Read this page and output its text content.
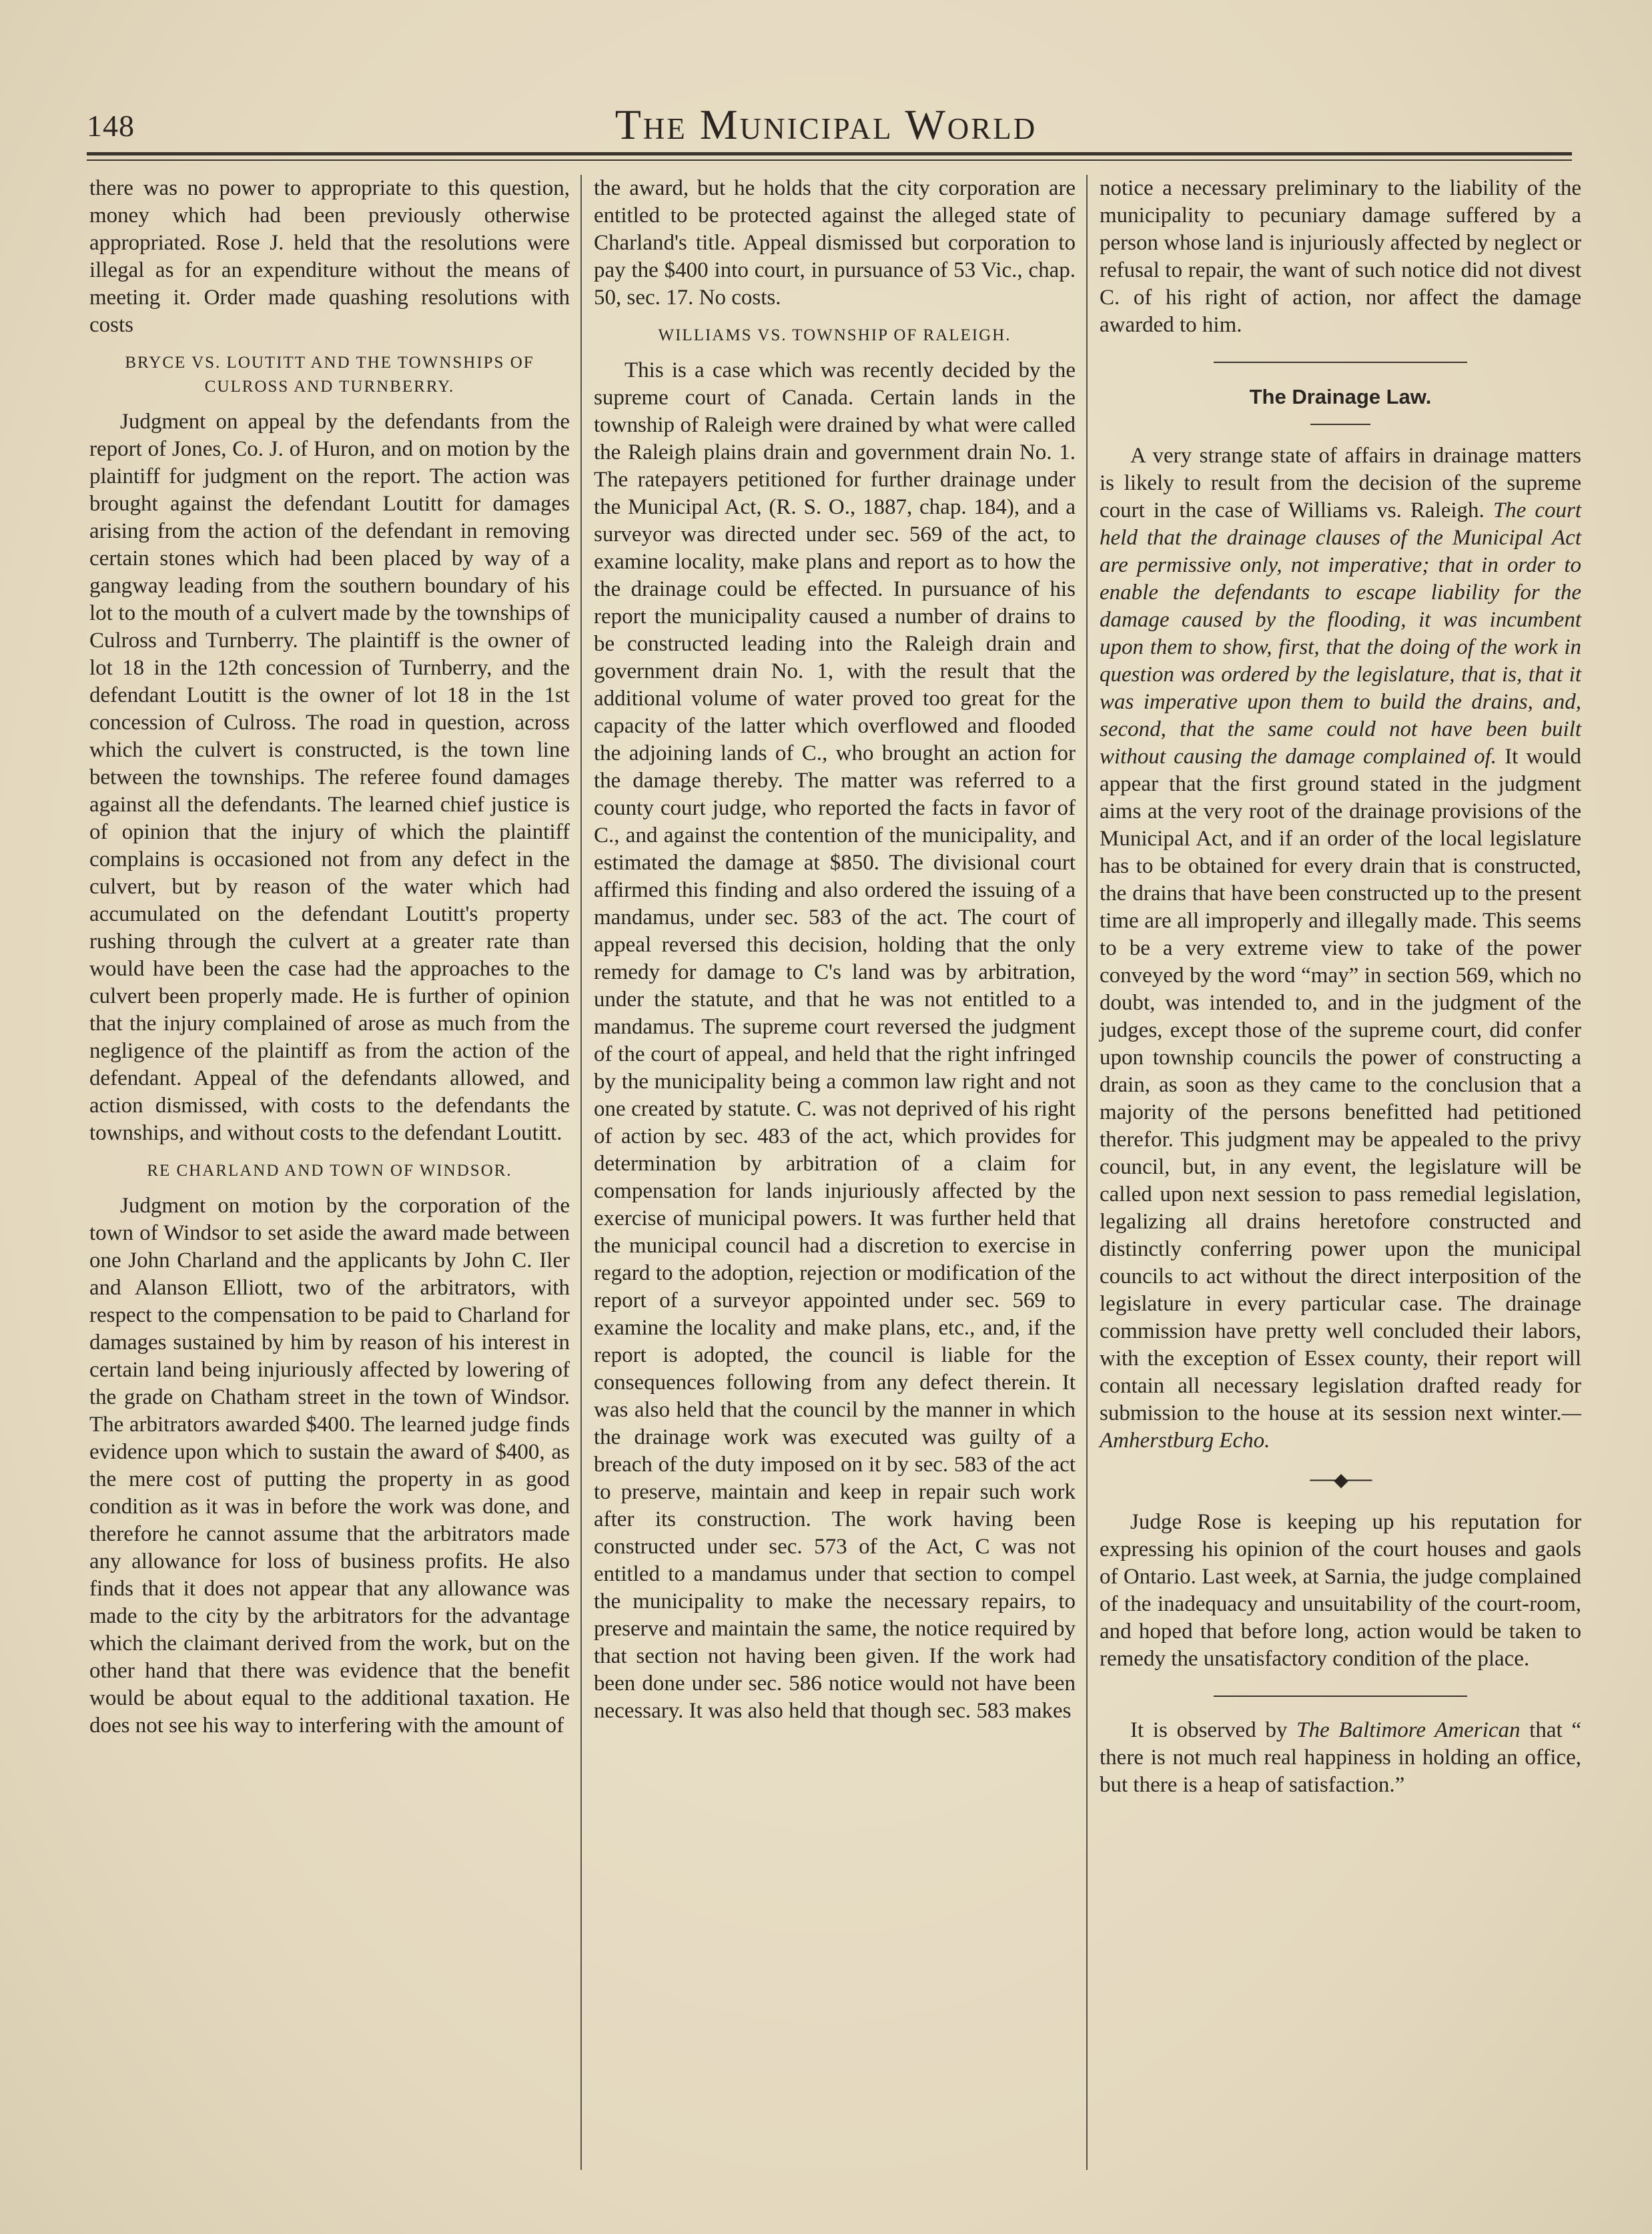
148	The Municipal World

there was no power to appropriate to this question, money which had been previously otherwise appropriated. Rose J. held that the resolutions were illegal as for an expenditure without the means of meeting it. Order made quashing resolutions with costs

BRYCE VS. LOUTITT AND THE TOWNSHIPS OF CULROSS AND TURNBERRY.

Judgment on appeal by the defendants from the report of Jones, Co. J. of Huron, and on motion by the plaintiff for judgment on the report. The action was brought against the defendant Loutitt for damages arising from the action of the defendant in removing certain stones which had been placed by way of a gangway leading from the southern boundary of his lot to the mouth of a culvert made by the townships of Culross and Turnberry. The plaintiff is the owner of lot 18 in the 12th concession of Turnberry, and the defendant Loutitt is the owner of lot 18 in the 1st concession of Culross. The road in question, across which the culvert is constructed, is the town line between the townships. The referee found damages against all the defendants. The learned chief justice is of opinion that the injury of which the plaintiff complains is occasioned not from any defect in the culvert, but by reason of the water which had accumulated on the defendant Loutitt's property rushing through the culvert at a greater rate than would have been the case had the approaches to the culvert been properly made. He is further of opinion that the injury complained of arose as much from the negligence of the plaintiff as from the action of the defendant. Appeal of the defendants allowed, and action dismissed, with costs to the defendants the townships, and without costs to the defendant Loutitt.

RE CHARLAND AND TOWN OF WINDSOR.

Judgment on motion by the corporation of the town of Windsor to set aside the award made between one John Charland and the applicants by John C. Iler and Alanson Elliott, two of the arbitrators, with respect to the compensation to be paid to Charland for damages sustained by him by reason of his interest in certain land being injuriously affected by lowering of the grade on Chatham street in the town of Windsor. The arbitrators awarded $400. The learned judge finds evidence upon which to sustain the award of $400, as the mere cost of putting the property in as good condition as it was in before the work was done, and therefore he cannot assume that the arbitrators made any allowance for loss of business profits. He also finds that it does not appear that any allowance was made to the city by the arbitrators for the advantage which the claimant derived from the work, but on the other hand that there was evidence that the benefit would be about equal to the additional taxation. He does not see his way to interfering with the amount of

the award, but he holds that the city corporation are entitled to be protected against the alleged state of Charland's title. Appeal dismissed but corporation to pay the $400 into court, in pursuance of 53 Vic., chap. 50, sec. 17. No costs.

WILLIAMS VS. TOWNSHIP OF RALEIGH.

This is a case which was recently decided by the supreme court of Canada. Certain lands in the township of Raleigh were drained by what were called the Raleigh plains drain and government drain No. 1. The ratepayers petitioned for further drainage under the Municipal Act, (R. S. O., 1887, chap. 184), and a surveyor was directed under sec. 569 of the act, to examine locality, make plans and report as to how the the drainage could be effected. In pursuance of his report the municipality caused a number of drains to be constructed leading into the Raleigh drain and government drain No. 1, with the result that the additional volume of water proved too great for the capacity of the latter which overflowed and flooded the adjoining lands of C., who brought an action for the damage thereby. The matter was referred to a county court judge, who reported the facts in favor of C., and against the contention of the municipality, and estimated the damage at $850. The divisional court affirmed this finding and also ordered the issuing of a mandamus, under sec. 583 of the act. The court of appeal reversed this decision, holding that the only remedy for damage to C's land was by arbitration, under the statute, and that he was not entitled to a mandamus. The supreme court reversed the judgment of the court of appeal, and held that the right infringed by the municipality being a common law right and not one created by statute. C. was not deprived of his right of action by sec. 483 of the act, which provides for determination by arbitration of a claim for compensation for lands injuriously affected by the exercise of municipal powers. It was further held that the municipal council had a discretion to exercise in regard to the adoption, rejection or modification of the report of a surveyor appointed under sec. 569 to examine the locality and make plans, etc., and, if the report is adopted, the council is liable for the consequences following from any defect therein. It was also held that the council by the manner in which the drainage work was executed was guilty of a breach of the duty imposed on it by sec. 583 of the act to preserve, maintain and keep in repair such work after its construction. The work having been constructed under sec. 573 of the Act, C was not entitled to a mandamus under that section to compel the municipality to make the necessary repairs, to preserve and maintain the same, the notice required by that section not having been given. If the work had been done under sec. 586 notice would not have been necessary. It was also held that though sec. 583 makes

notice a necessary preliminary to the liability of the municipality to pecuniary damage suffered by a person whose land is injuriously affected by neglect or refusal to repair, the want of such notice did not divest C. of his right of action, nor affect the damage awarded to him.

The Drainage Law.

A very strange state of affairs in drainage matters is likely to result from the decision of the supreme court in the case of Williams vs. Raleigh. The court held that the drainage clauses of the Municipal Act are permissive only, not imperative; that in order to enable the defendants to escape liability for the damage caused by the flooding, it was incumbent upon them to show, first, that the doing of the work in question was ordered by the legislature, that is, that it was imperative upon them to build the drains, and, second, that the same could not have been built without causing the damage complained of. It would appear that the first ground stated in the judgment aims at the very root of the drainage provisions of the Municipal Act, and if an order of the local legislature has to be obtained for every drain that is constructed, the drains that have been constructed up to the present time are all improperly and illegally made. This seems to be a very extreme view to take of the power conveyed by the word “may” in section 569, which no doubt, was intended to, and in the judgment of the judges, except those of the supreme court, did confer upon township councils the power of constructing a drain, as soon as they came to the conclusion that a majority of the persons benefitted had petitioned therefor. This judgment may be appealed to the privy council, but, in any event, the legislature will be called upon next session to pass remedial legislation, legalizing all drains heretofore constructed and distinctly conferring power upon the municipal councils to act without the direct interposition of the legislature in every particular case. The drainage commission have pretty well concluded their labors, with the exception of Essex county, their report will contain all necessary legislation drafted ready for submission to the house at its session next winter.—Amherstburg Echo.

──◆──

Judge Rose is keeping up his reputation for expressing his opinion of the court houses and gaols of Ontario. Last week, at Sarnia, the judge complained of the inadequacy and unsuitability of the court-room, and hoped that before long, action would be taken to remedy the unsatisfactory condition of the place.

It is observed by The Baltimore American that “ there is not much real happiness in holding an office, but there is a heap of satisfaction.”
